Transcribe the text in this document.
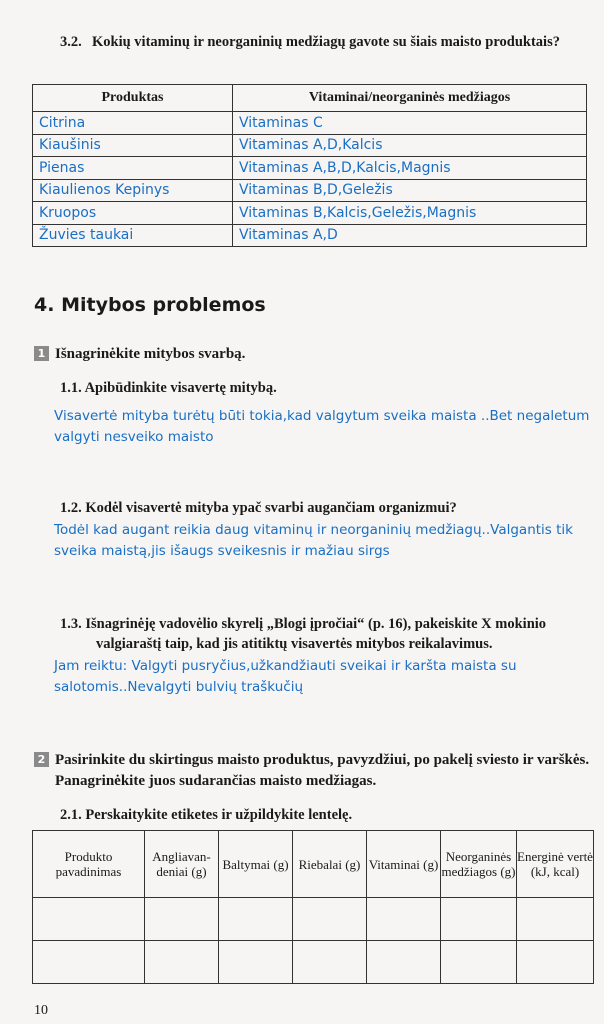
3.2. Kokių vitaminų ir neorganinių medžiagų gavote su šiais maisto produktais?
Produktas	Vitaminai/neorganinės medžiagos
Citrina	Vitaminas C
Kiaušinis	Vitaminas A,D,Kalcis
Pienas	Vitaminas A,B,D,Kalcis,Magnis
Kiaulienos Kepinys	Vitaminas B,D,Geležis
Kruopos	Vitaminas B,Kalcis,Geležis,Magnis
Žuvies taukai	Vitaminas A,D
4. Mitybos problemos
1 Išnagrinėkite mitybos svarbą.
1.1. Apibūdinkite visavertę mitybą.
Visavertė mityba turėtų būti tokia,kad valgytum sveika maista ..Bet negaletum valgyti nesveiko maisto
1.2. Kodėl visavertė mityba ypač svarbi augančiam organizmui?
Todėl kad augant reikia daug vitaminų ir neorganinių medžiagų..Valgantis tik sveika maistą,jis išaugs sveikesnis ir mažiau sirgs
1.3. Išnagrinėję vadovėlio skyrelį „Blogi įpročiai“ (p. 16), pakeiskite X mokinio valgiaraštį taip, kad jis atitiktų visavertės mitybos reikalavimus.
Jam reiktu: Valgyti pusryčius,užkandžiauti sveikai ir karšta maista su salotomis..Nevalgyti bulvių traškučių
2 Pasirinkite du skirtingus maisto produktus, pavyzdžiui, po pakelį sviesto ir varškės. Panagrinėkite juos sudarančias maisto medžiagas.
2.1. Perskaitykite etiketes ir užpildykite lentelę.
Produkto pavadinimas	Angliavan-deniai (g)	Baltymai (g)	Riebalai (g)	Vitaminai (g)	Neorganinės medžiagos (g)	Energinė vertė (kJ, kcal)

10
